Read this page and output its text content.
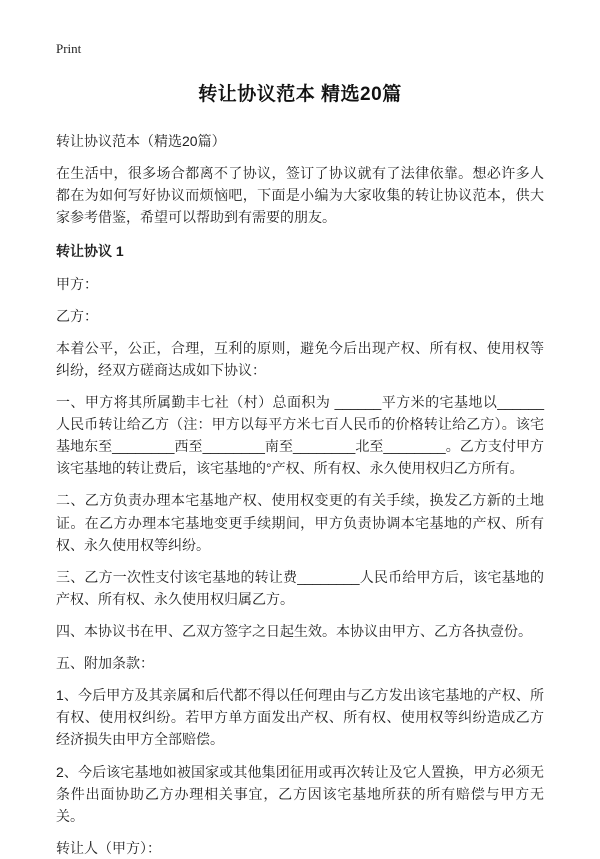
Print
转让协议范本 精选20篇

转让协议范本（精选20篇）

在生活中，很多场合都离不了协议，签订了协议就有了法律依靠。想必许多人都在为如何写好协议而烦恼吧，下面是小编为大家收集的转让协议范本，供大家参考借鉴，希望可以帮助到有需要的朋友。

转让协议 1

甲方：

乙方：

本着公平，公正，合理，互利的原则，避免今后出现产权、所有权、使用权等纠纷，经双方磋商达成如下协议：

一、甲方将其所属勤丰七社（村）总面积为 ______平方米的宅基地以______人民币转让给乙方（注：甲方以每平方米七百人民币的价格转让给乙方）。该宅基地东至________西至________南至________北至________。乙方支付甲方该宅基地的转让费后，该宅基地的°产权、所有权、永久使用权归乙方所有。

二、乙方负责办理本宅基地产权、使用权变更的有关手续，换发乙方新的土地证。在乙方办理本宅基地变更手续期间，甲方负责协调本宅基地的产权、所有权、永久使用权等纠纷。

三、乙方一次性支付该宅基地的转让费________人民币给甲方后，该宅基地的产权、所有权、永久使用权归属乙方。

四、本协议书在甲、乙双方签字之日起生效。本协议由甲方、乙方各执壹份。

五、附加条款：

1、今后甲方及其亲属和后代都不得以任何理由与乙方发出该宅基地的产权、所有权、使用权纠纷。若甲方单方面发出产权、所有权、使用权等纠纷造成乙方经济损失由甲方全部赔偿。

2、今后该宅基地如被国家或其他集团征用或再次转让及它人置换，甲方必须无条件出面协助乙方办理相关事宜，乙方因该宅基地所获的所有赔偿与甲方无关。

转让人（甲方）：
